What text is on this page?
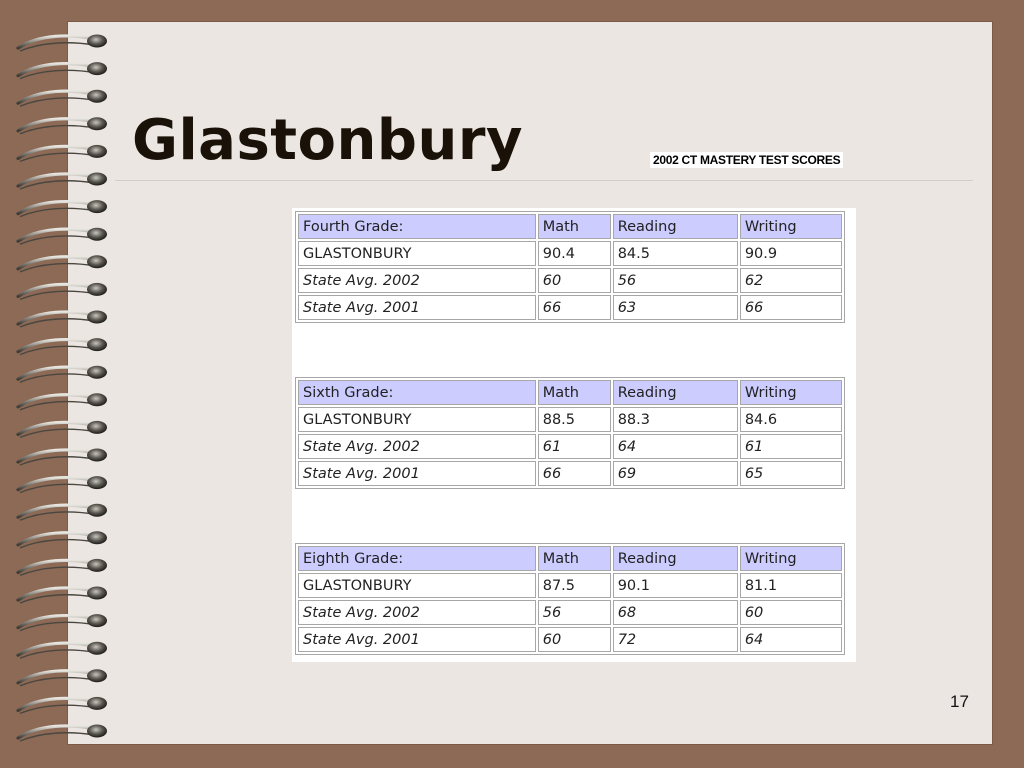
Glastonbury	2002 CT MASTERY TEST SCORES
Fourth Grade:	Math	Reading	Writing
GLASTONBURY	90.4	84.5	90.9
State Avg. 2002	60	56	62
State Avg. 2001	66	63	66
Sixth Grade:	Math	Reading	Writing
GLASTONBURY	88.5	88.3	84.6
State Avg. 2002	61	64	61
State Avg. 2001	66	69	65
Eighth Grade:	Math	Reading	Writing
GLASTONBURY	87.5	90.1	81.1
State Avg. 2002	56	68	60
State Avg. 2001	60	72	64
17
